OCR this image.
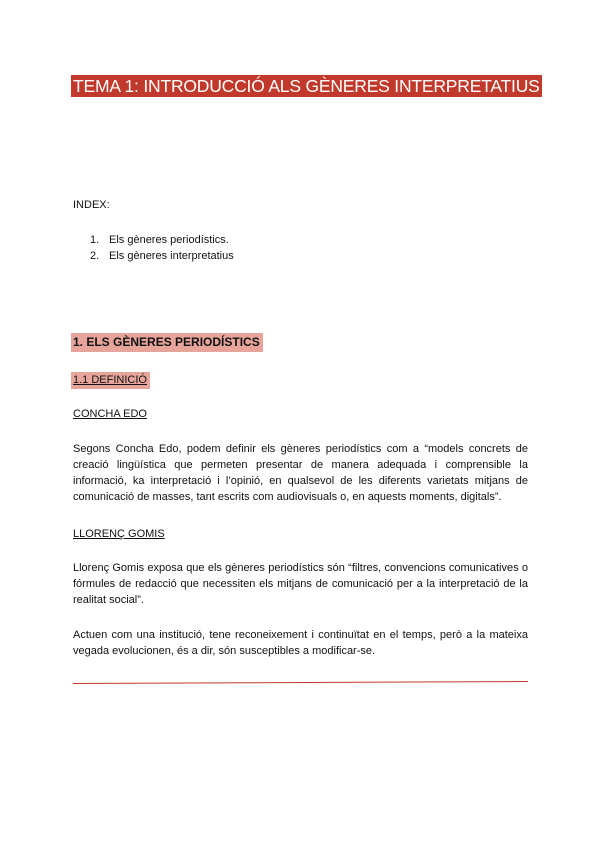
TEMA 1: INTRODUCCIÓ ALS GÈNERES INTERPRETATIUS
INDEX:
1. Els gèneres periodístics.
2. Els gèneres interpretatius
1. ELS GÈNERES PERIODÍSTICS
1.1 DEFINICIÓ
CONCHA EDO

Segons Concha Edo, podem definir els gèneres periodístics com a “models concrets de creació lingüística que permeten presentar de manera adequada i comprensible la informació, ka interpretació i l’opinió, en qualsevol de les diferents varietats mitjans de comunicació de masses, tant escrits com audiovisuals o, en aquests moments, digitals”.

LLORENÇ GOMIS

Llorenç Gomis exposa que els gèneres periodístics són “filtres, convencions comunicatives o fórmules de redacció que necessiten els mitjans de comunicació per a la interpretació de la realitat social”.

Actuen com una institució, tene reconeixement i continuïtat en el temps, però a la mateixa vegada evolucionen, és a dir, són susceptibles a modificar-se.
